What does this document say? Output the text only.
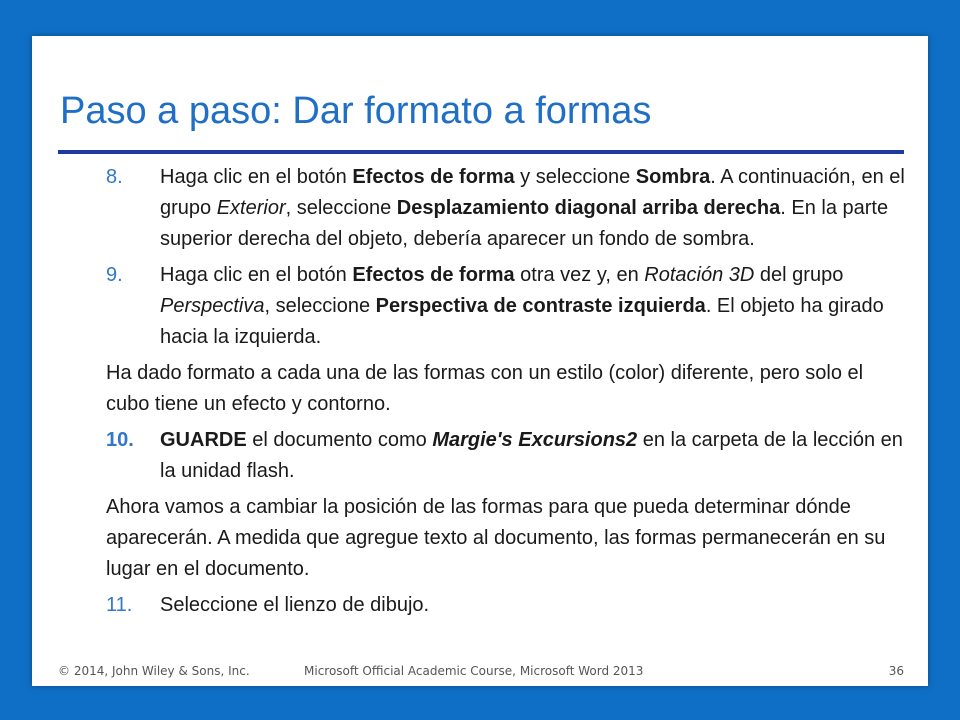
Paso a paso: Dar formato a formas
8.	Haga clic en el botón Efectos de forma y seleccione Sombra. A continuación, en el grupo Exterior, seleccione Desplazamiento diagonal arriba derecha. En la parte superior derecha del objeto, debería aparecer un fondo de sombra.
9.	Haga clic en el botón Efectos de forma otra vez y, en Rotación 3D del grupo Perspectiva, seleccione Perspectiva de contraste izquierda. El objeto ha girado hacia la izquierda.
Ha dado formato a cada una de las formas con un estilo (color) diferente, pero solo el cubo tiene un efecto y contorno.
10.	GUARDE el documento como Margie's Excursions2 en la carpeta de la lección en la unidad flash.
Ahora vamos a cambiar la posición de las formas para que pueda determinar dónde aparecerán. A medida que agregue texto al documento, las formas permanecerán en su lugar en el documento.
11.	Seleccione el lienzo de dibujo.
© 2014, John Wiley & Sons, Inc.	Microsoft Official Academic Course, Microsoft Word 2013	36
